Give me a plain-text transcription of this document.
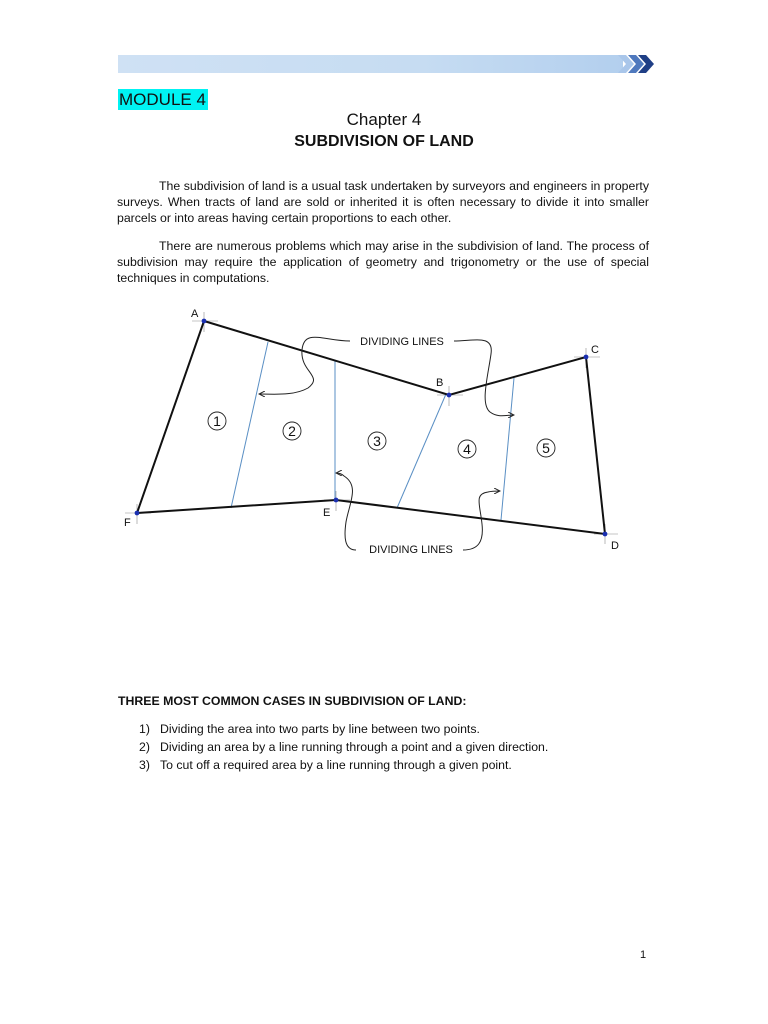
MODULE 4
Chapter 4
SUBDIVISION OF LAND

The subdivision of land is a usual task undertaken by surveyors and engineers in property surveys. When tracts of land are sold or inherited it is often necessary to divide it into smaller parcels or into areas having certain proportions to each other.

There are numerous problems which may arise in the subdivision of land. The process of subdivision may require the application of geometry and trigonometry or the use of special techniques in computations.

A
B
C
D
E
F
1
2
3	4	5
DIVIDING LINES
DIVIDING LINES
THREE MOST COMMON CASES IN SUBDIVISION OF LAND:
1) Dividing the area into two parts by line between two points.
2) Dividing an area by a line running through a point and a given direction.
3) To cut off a required area by a line running through a given point.
1
